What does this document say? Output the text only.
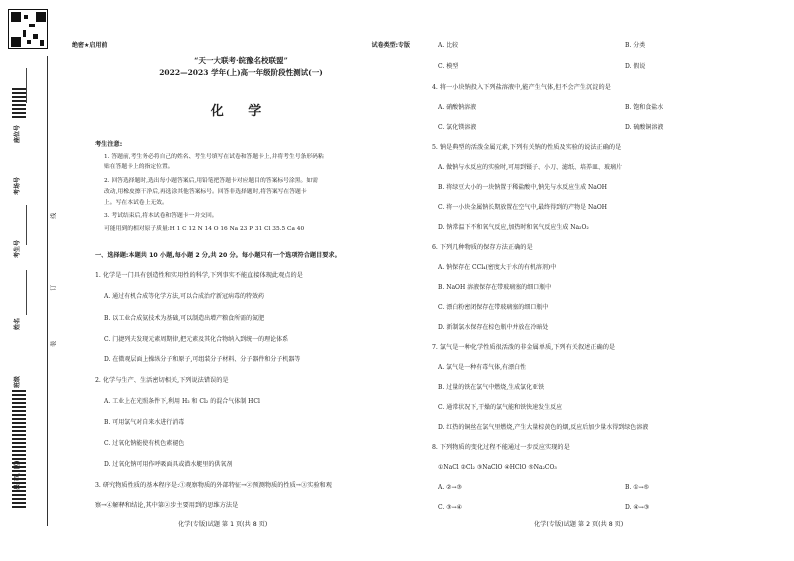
座位号
考场号
考生号
姓名
班级
县(市、区)
线
订
装
绝密★启用前	试卷类型:专版
“天一大联考·皖豫名校联盟”
2022—2023 学年(上)高一年级阶段性测试(一)
化 学
考生注意:
1. 答题前,考生务必将自己的姓名、考生号填写在试卷和答题卡上,并将考生号条形码粘
贴在答题卡上的指定位置。
2. 回答选择题时,选出每小题答案后,用铅笔把答题卡对应题目的答案标号涂黑。如需
改动,用橡皮擦干净后,再选涂其他答案标号。回答非选择题时,将答案写在答题卡
上。写在本试卷上无效。
3. 考试结束后,将本试卷和答题卡一并交回。
可能用到的相对原子质量:H 1 C 12 N 14 O 16 Na 23 P 31 Cl 35.5 Ca 40
一、选择题:本题共 10 小题,每小题 2 分,共 20 分。每小题只有一个选项符合题目要求。
1. 化学是一门具有创造性和实用性的科学,下列事实不能直接体现此观点的是
A. 通过有机合成等化学方法,可以合成治疗新冠病毒的特效药
B. 以工业合成氨技术为基础,可以制造出增产粮食所需的氮肥
C. 门捷列夫发现元素周期律,把元素及其化合物纳入到统一的理论体系
D. 在微观层面上操纵分子和原子,可组装分子材料、分子器件和分子机器等
2. 化学与生产、生活密切相关,下列说法错误的是
A. 工业上在光照条件下,利用 H₂ 和 Cl₂ 的混合气体制 HCl
B. 可用氯气对自来水进行消毒
C. 过氧化钠能使有机色素褪色
D. 过氧化钠可用作呼吸面具或潜水艇里的供氧剂
3. 研究物质性质的基本程序是:①观察物质的外部特征→②预测物质的性质→③实验和观
察→④解释和结论,其中第②步主要用到的思维方法是
化学(专版)试题 第 1 页(共 8 页)
A. 比较	B. 分类
C. 模型	D. 假说
4. 将一小块钠投入下列盐溶液中,能产生气体,但不会产生沉淀的是
A. 硝酸钠溶液	B. 饱和食盐水
C. 氯化镁溶液	D. 硫酸铜溶液
5. 钠是典型的活泼金属元素,下列有关钠的性质及实验的说法正确的是
A. 做钠与水反应的实验时,可用到镊子、小刀、滤纸、培养皿、玻璃片
B. 将绿豆大小的一块钠置于稀盐酸中,钠先与水反应生成 NaOH
C. 将一小块金属钠长期放置在空气中,最终得到的产物是 NaOH
D. 钠常温下不和氧气反应,加热时和氧气反应生成 Na₂O₂
6. 下列几种物质的保存方法正确的是
A. 钠保存在 CCl₄(密度大于水的有机溶剂)中
B. NaOH 溶液保存在带玻璃塞的细口瓶中
C. 漂白粉密闭保存在带玻璃塞的细口瓶中
D. 新制氯水保存在棕色瓶中并放在冷暗处
7. 氯气是一种化学性质很活泼的非金属单质,下列有关叙述正确的是
A. 氯气是一种有毒气体,有漂白性
B. 过量的铁在氯气中燃烧,生成氯化亚铁
C. 通常状况下,干燥的氯气能和铁快速发生反应
D. 红热的铜丝在氯气里燃烧,产生大量棕黄色的烟,反应后加少量水得到绿色溶液
8. 下列物质的变化过程不能通过一步反应实现的是
①NaCl ②Cl₂ ③NaClO ④HClO ⑤Na₂CO₃
A. ②→③	B. ①→⑤
C. ③→④	D. ④→③
化学(专版)试题 第 2 页(共 8 页)
